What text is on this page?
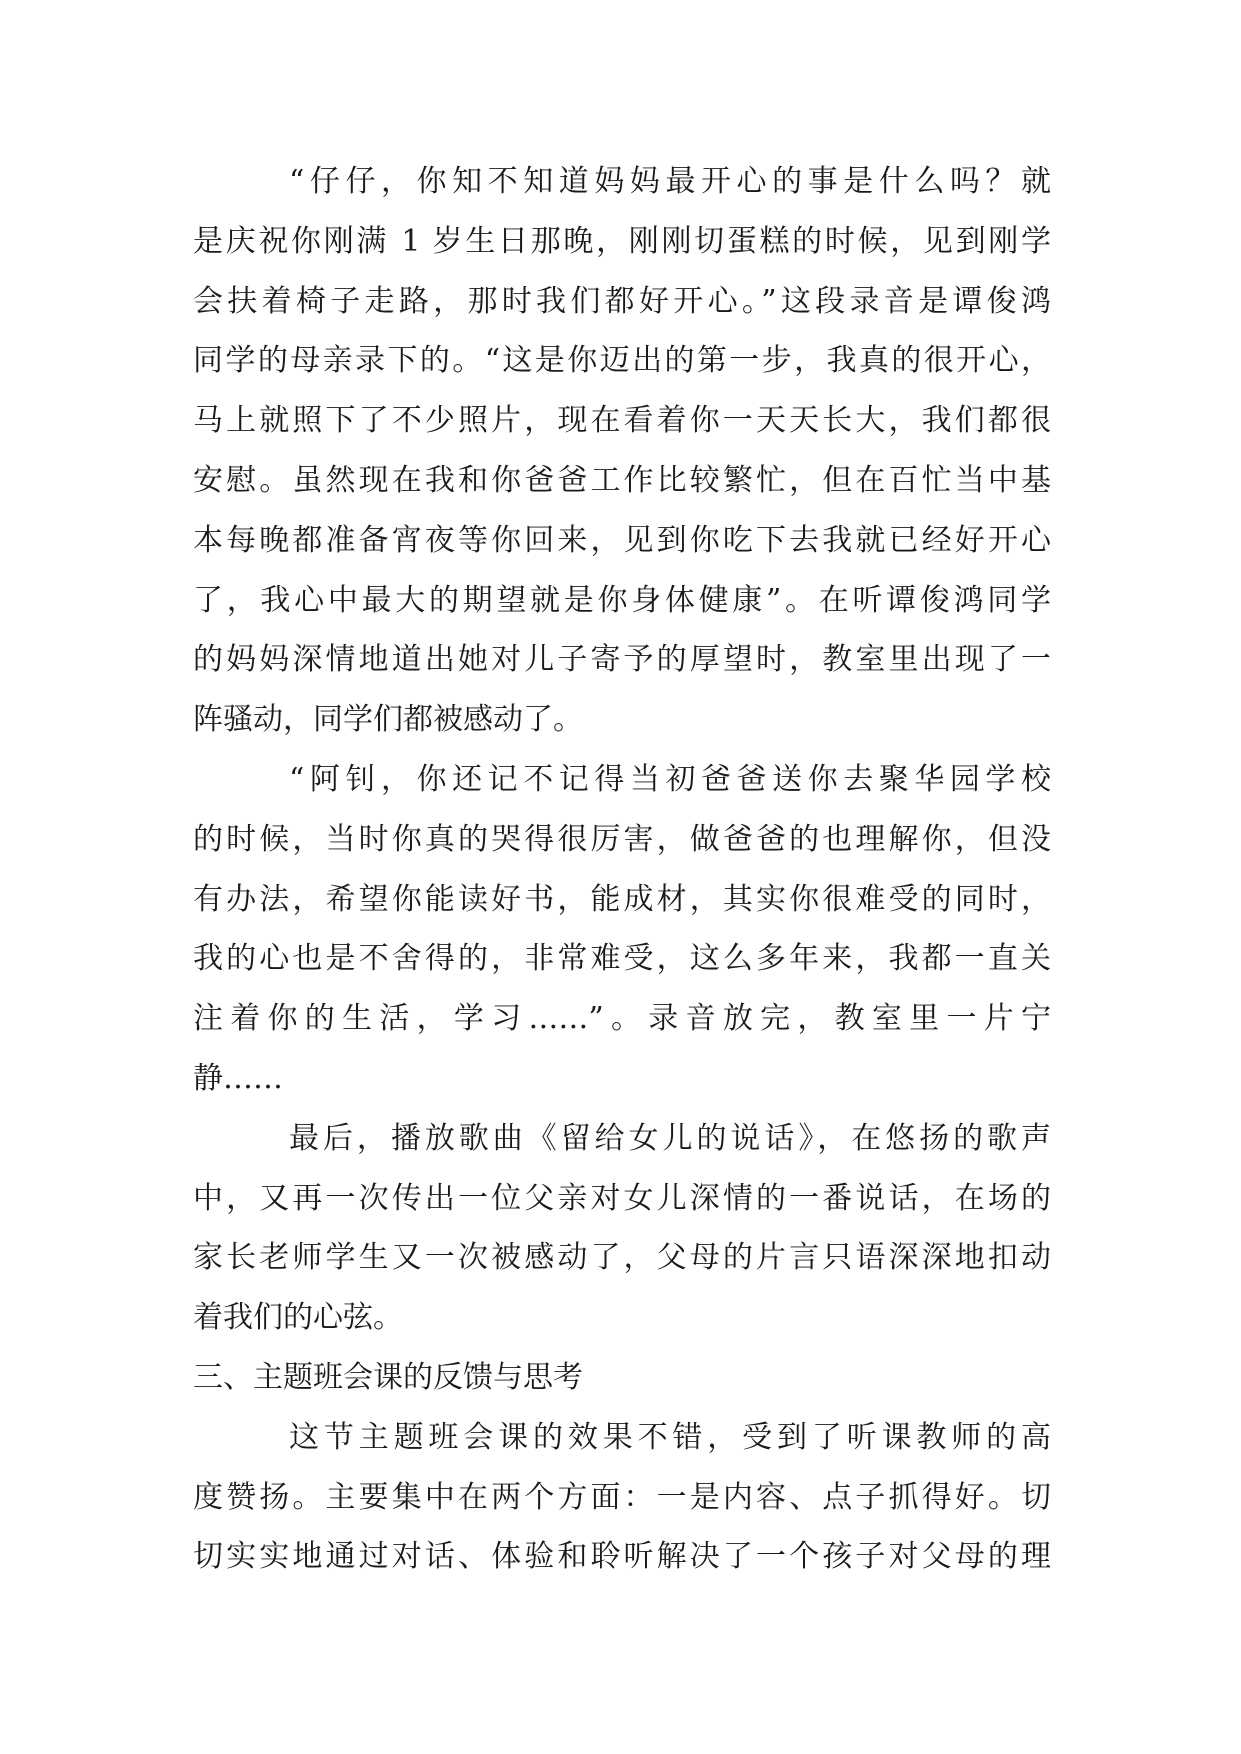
“仔仔，你知不知道妈妈最开心的事是什么吗？就
是庆祝你刚满 1 岁生日那晚，刚刚切蛋糕的时候，见到刚学
会扶着椅子走路，那时我们都好开心。”这段录音是谭俊鸿
同学的母亲录下的。“这是你迈出的第一步，我真的很开心，
马上就照下了不少照片，现在看着你一天天长大，我们都很
安慰。虽然现在我和你爸爸工作比较繁忙，但在百忙当中基
本每晚都准备宵夜等你回来，见到你吃下去我就已经好开心
了，我心中最大的期望就是你身体健康”。在听谭俊鸿同学
的妈妈深情地道出她对儿子寄予的厚望时，教室里出现了一
阵骚动，同学们都被感动了。
“阿钊，你还记不记得当初爸爸送你去聚华园学校
的时候，当时你真的哭得很厉害，做爸爸的也理解你，但没
有办法，希望你能读好书，能成材，其实你很难受的同时，
我的心也是不舍得的，非常难受，这么多年来，我都一直关
注着你的生活，学习……”。录音放完，教室里一片宁
静……
最后，播放歌曲《留给女儿的说话》，在悠扬的歌声
中，又再一次传出一位父亲对女儿深情的一番说话，在场的
家长老师学生又一次被感动了，父母的片言只语深深地扣动
着我们的心弦。
三、主题班会课的反馈与思考
这节主题班会课的效果不错，受到了听课教师的高
度赞扬。主要集中在两个方面：一是内容、点子抓得好。切
切实实地通过对话、体验和聆听解决了一个孩子对父母的理
